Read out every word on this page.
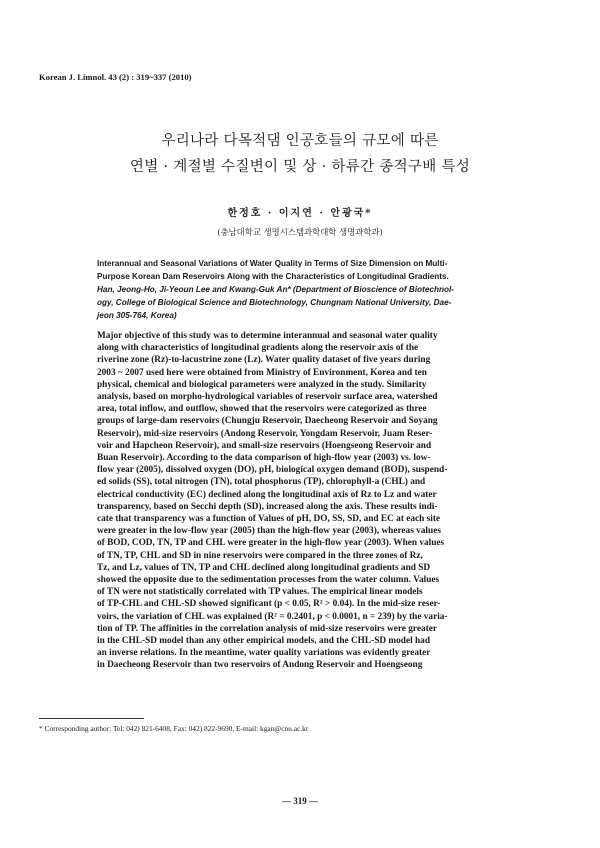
Korean J. Limnol. 43 (2) : 319~337 (2010)
우리나라 다목적댐 인공호들의 규모에 따른
연별 · 계절별 수질변이 및 상 · 하류간 종적구배 특성
한정호 · 이지연 · 안광국*
(충남대학교 생명시스템과학대학 생명과학과)
Interannual and Seasonal Variations of Water Quality in Terms of Size Dimension on Multi-
Purpose Korean Dam Reservoirs Along with the Characteristics of Longitudinal Gradients.
Han, Jeong-Ho, Ji-Yeoun Lee and Kwang-Guk An* (Department of Bioscience of Biotechnol-
ogy, College of Biological Science and Biotechnology, Chungnam National University, Dae-
jeon 305-764, Korea)
Major objective of this study was to determine interannual and seasonal water quality
along with characteristics of longitudinal gradients along the reservoir axis of the
riverine zone (Rz)-to-lacustrine zone (Lz). Water quality dataset of five years during
2003 ~ 2007 used here were obtained from Ministry of Environment, Korea and ten
physical, chemical and biological parameters were analyzed in the study. Similarity
analysis, based on morpho-hydrological variables of reservoir surface area, watershed
area, total inflow, and outflow, showed that the reservoirs were categorized as three
groups of large-dam reservoirs (Chungju Reservoir, Daecheong Reservoir and Soyang
Reservoir), mid-size reservoirs (Andong Reservoir, Yongdam Reservoir, Juam Reser-
voir and Hapcheon Reservoir), and small-size reservoirs (Hoengseong Reservoir and
Buan Reservoir). According to the data comparison of high-flow year (2003) vs. low-
flow year (2005), dissolved oxygen (DO), pH, biological oxygen demand (BOD), suspend-
ed solids (SS), total nitrogen (TN), total phosphorus (TP), chlorophyll-a (CHL) and
electrical conductivity (EC) declined along the longitudinal axis of Rz to Lz and water
transparency, based on Secchi depth (SD), increased along the axis. These results indi-
cate that transparency was a function of Values of pH, DO, SS, SD, and EC at each site
were greater in the low-flow year (2005) than the high-flow year (2003), whereas values
of BOD, COD, TN, TP and CHL were greater in the high-flow year (2003). When values
of TN, TP, CHL and SD in nine reservoirs were compared in the three zones of Rz,
Tz, and Lz, values of TN, TP and CHL declined along longitudinal gradients and SD
showed the opposite due to the sedimentation processes from the water column. Values
of TN were not statistically correlated with TP values. The empirical linear models
of TP-CHL and CHL-SD showed significant (p < 0.05, R² > 0.04). In the mid-size reser-
voirs, the variation of CHL was explained (R² = 0.2401, p < 0.0001, n = 239) by the varia-
tion of TP. The affinities in the correlation analysis of mid-size reservoirs were greater
in the CHL-SD model than any other empirical models, and the CHL-SD model had
an inverse relations. In the meantime, water quality variations was evidently greater
in Daecheong Reservoir than two reservoirs of Andong Reservoir and Hoengseong
* Corresponding author: Tel: 042) 821-6408, Fax: 042) 822-9690, E-mail: kgan@cnu.ac.kr
— 319 —
